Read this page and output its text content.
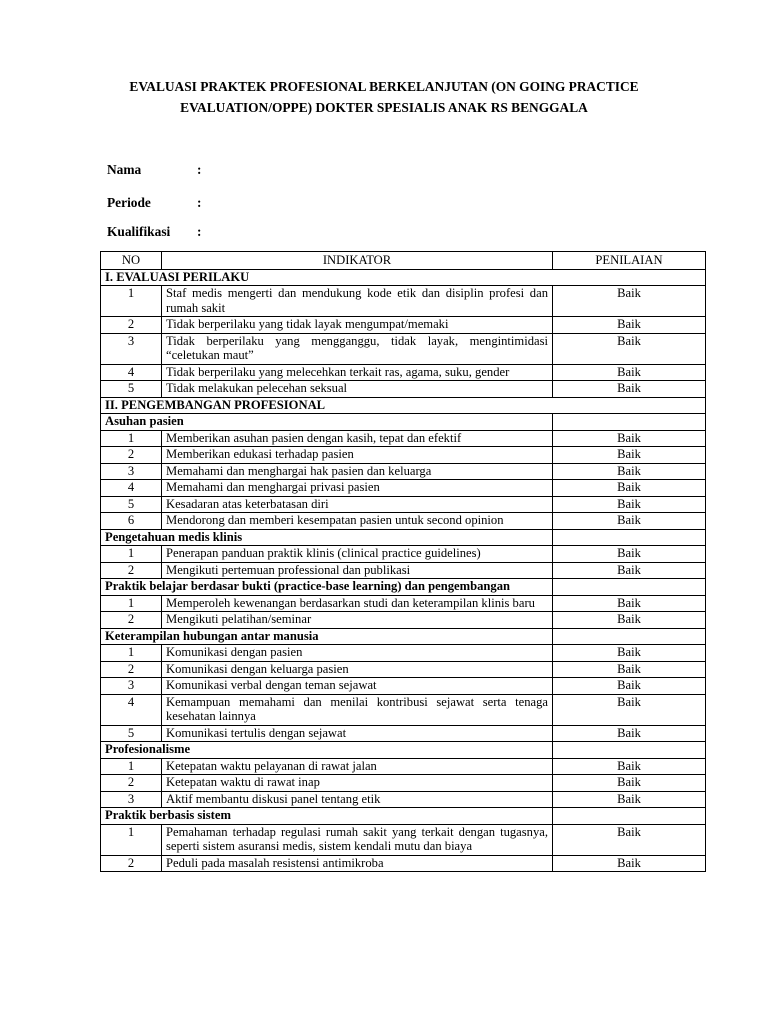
EVALUASI PRAKTEK PROFESIONAL BERKELANJUTAN (ON GOING PRACTICE
EVALUATION/OPPE) DOKTER SPESIALIS ANAK RS BENGGALA
Nama	:
Periode	:
Kualifikasi :
NO	INDIKATOR	PENILAIAN
I. EVALUASI PERILAKU		
1	Staf medis mengerti dan mendukung kode etik dan disiplin profesi dan rumah sakit	Baik
2	Tidak berperilaku yang tidak layak mengumpat/memaki	Baik
3	Tidak berperilaku yang mengganggu, tidak layak, mengintimidasi “celetukan maut”	Baik
4	Tidak berperilaku yang melecehkan terkait ras, agama, suku, gender	Baik
5	Tidak melakukan pelecehan seksual	Baik
II. PENGEMBANGAN PROFESIONAL		
Asuhan pasien		
1	Memberikan asuhan pasien dengan kasih, tepat dan efektif	Baik
2	Memberikan edukasi terhadap pasien	Baik
3	Memahami dan menghargai hak pasien dan keluarga	Baik
4	Memahami dan menghargai privasi pasien	Baik
5	Kesadaran atas keterbatasan diri	Baik
6	Mendorong dan memberi kesempatan pasien untuk second opinion	Baik
Pengetahuan medis klinis		
1	Penerapan panduan praktik klinis (clinical practice guidelines)	Baik
2	Mengikuti pertemuan professional dan publikasi	Baik
Praktik belajar berdasar bukti (practice-base learning) dan pengembangan		
1	Memperoleh kewenangan berdasarkan studi dan keterampilan klinis baru	Baik
2	Mengikuti pelatihan/seminar	Baik
Keterampilan hubungan antar manusia		
1	Komunikasi dengan pasien	Baik
2	Komunikasi dengan keluarga pasien	Baik
3	Komunikasi verbal dengan teman sejawat	Baik
4	Kemampuan memahami dan menilai kontribusi sejawat serta tenaga kesehatan lainnya	Baik
5	Komunikasi tertulis dengan sejawat	Baik
Profesionalisme		
1	Ketepatan waktu pelayanan di rawat jalan	Baik
2	Ketepatan waktu di rawat inap	Baik
3	Aktif membantu diskusi panel tentang etik	Baik
Praktik berbasis sistem		
1	Pemahaman terhadap regulasi rumah sakit yang terkait dengan tugasnya, seperti sistem asuransi medis, sistem kendali mutu dan biaya	Baik
2	Peduli pada masalah resistensi antimikroba	Baik
